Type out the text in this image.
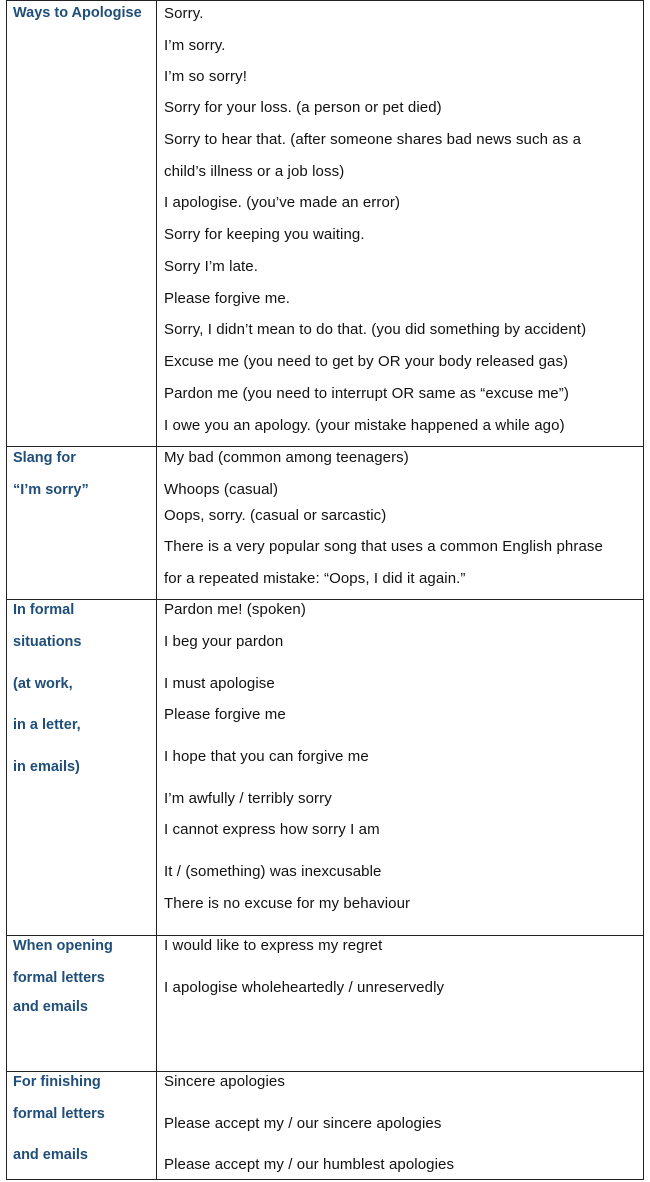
Ways to Apologise Sorry.
I’m sorry.
I’m so sorry!
Sorry for your loss. (a person or pet died)
Sorry to hear that. (after someone shares bad news such as a
child’s illness or a job loss)
I apologise. (you’ve made an error)
Sorry for keeping you waiting.
Sorry I’m late.
Please forgive me.
Sorry, I didn’t mean to do that. (you did something by accident)
Excuse me (you need to get by OR your body released gas)
Pardon me (you need to interrupt OR same as “excuse me”)
I owe you an apology. (your mistake happened a while ago)
Slang for
“I’m sorry”
My bad (common among teenagers)
Whoops (casual)
Oops, sorry. (casual or sarcastic)
There is a very popular song that uses a common English phrase
for a repeated mistake: “Oops, I did it again.”
In formal
situations
(at work,
in a letter,
in emails)
Pardon me! (spoken)
I beg your pardon
I must apologise
Please forgive me
I hope that you can forgive me
I’m awfully / terribly sorry
I cannot express how sorry I am
It / (something) was inexcusable
There is no excuse for my behaviour
When opening
formal letters
and emails
I would like to express my regret
I apologise wholeheartedly / unreservedly
For finishing
formal letters
and emails
Sincere apologies
Please accept my / our sincere apologies
Please accept my / our humblest apologies
